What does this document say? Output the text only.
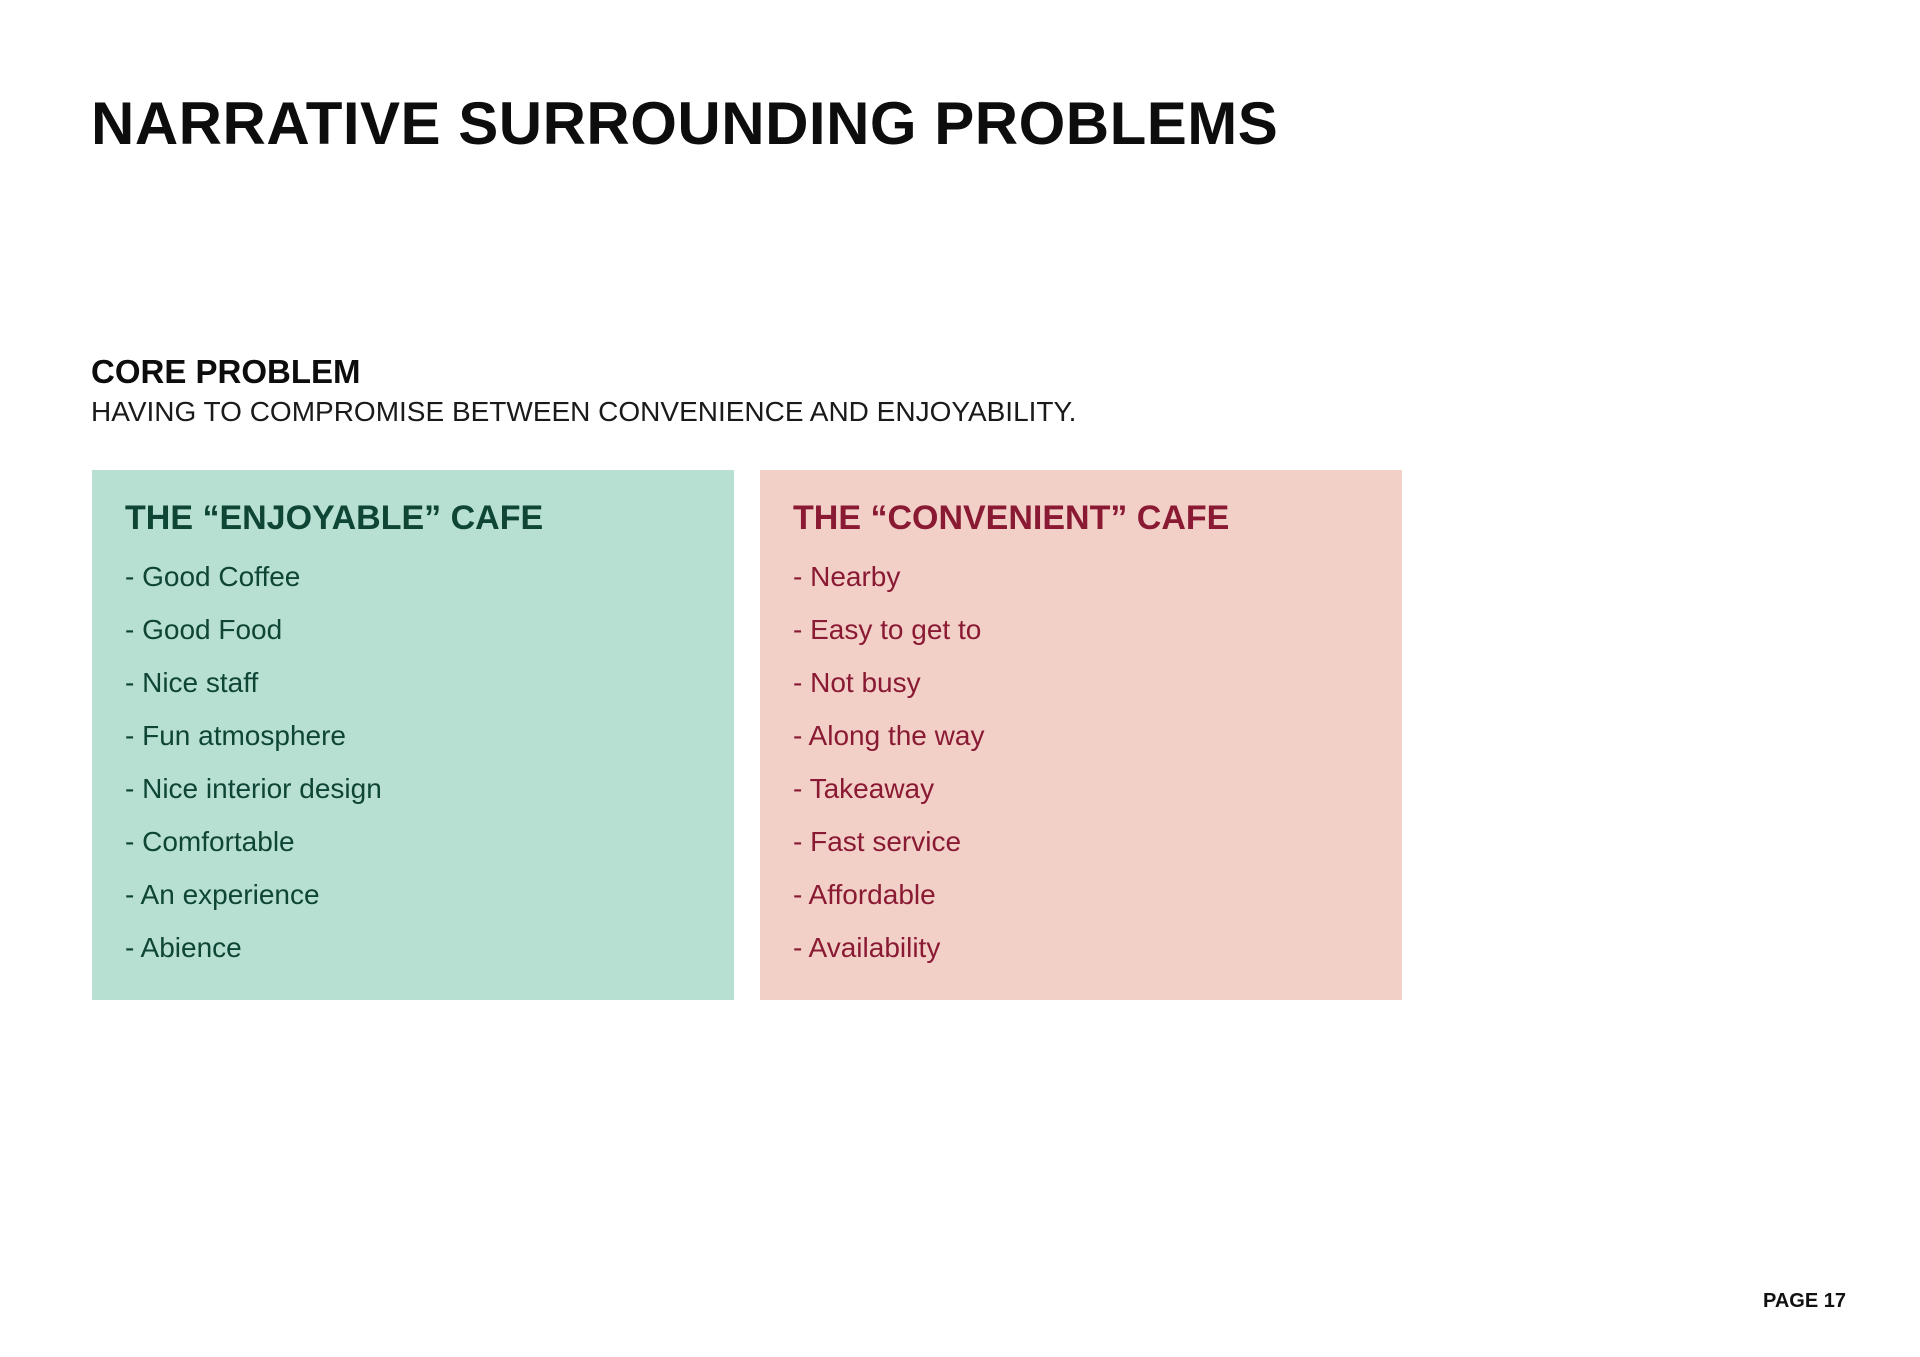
NARRATIVE SURROUNDING PROBLEMS
CORE PROBLEM

HAVING TO COMPROMISE BETWEEN CONVENIENCE AND ENJOYABILITY.

THE “ENJOYABLE” CAFE
- Good Coffee
- Good Food
- Nice staff
- Fun atmosphere
- Nice interior design
- Comfortable
- An experience
- Abience
THE “CONVENIENT” CAFE
- Nearby
- Easy to get to
- Not busy
- Along the way
- Takeaway
- Fast service
- Affordable
- Availability
PAGE 17
